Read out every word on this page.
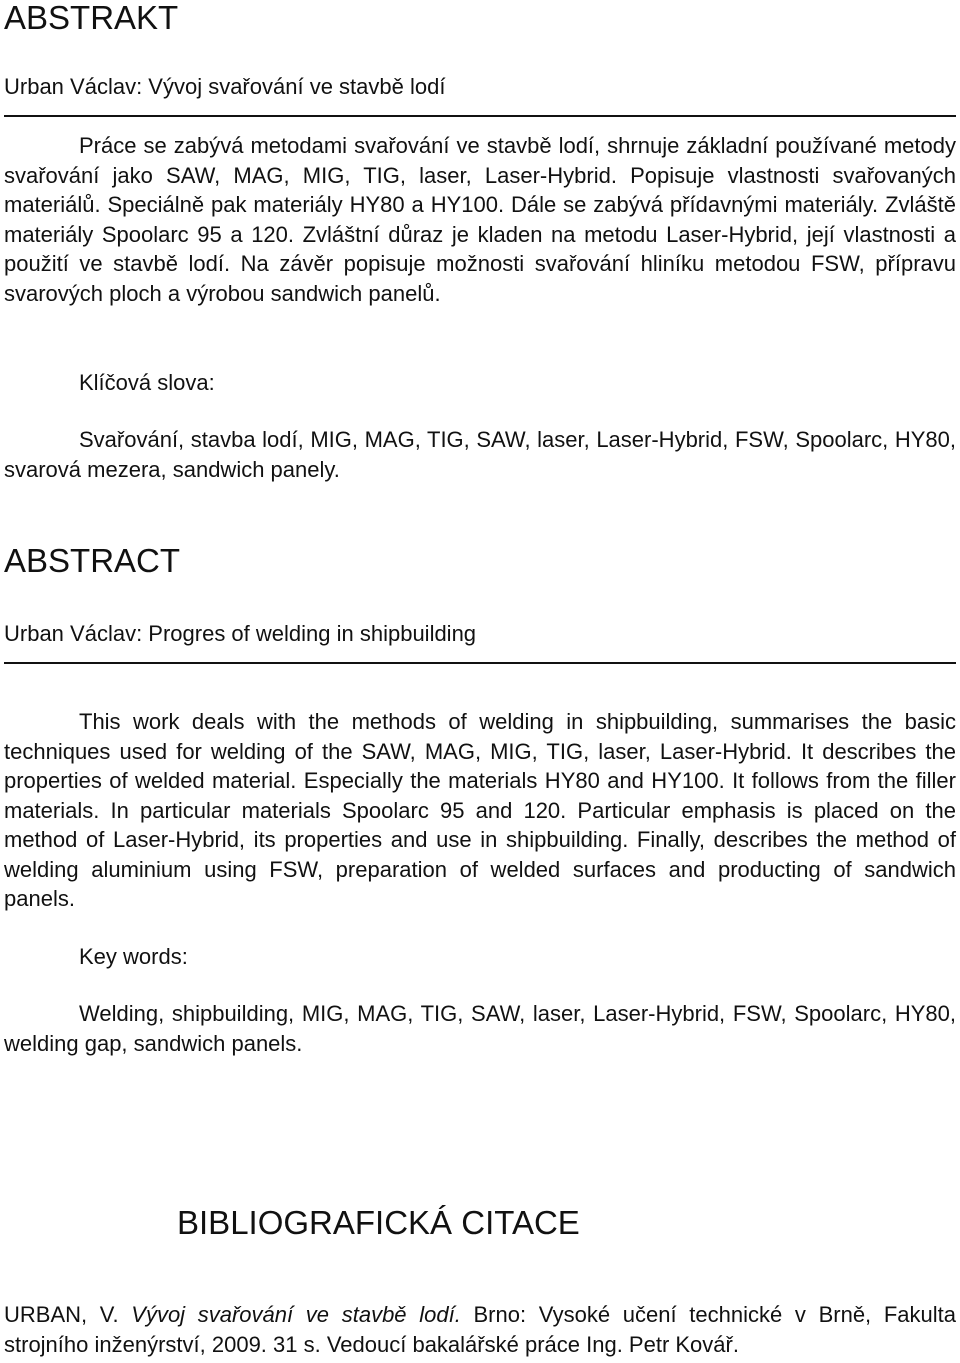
ABSTRAKT
Urban Václav: Vývoj svařování ve stavbě lodí

Práce se zabývá metodami svařování ve stavbě lodí, shrnuje základní používané metody svařování jako SAW, MAG, MIG, TIG, laser, Laser-Hybrid. Popisuje vlastnosti svařovaných materiálů. Speciálně pak materiály HY80 a HY100. Dále se zabývá přídavnými materiály. Zvláště materiály Spoolarc 95 a 120. Zvláštní důraz je kladen na metodu Laser-Hybrid, její vlastnosti a použití ve stavbě lodí. Na závěr popisuje možnosti svařování hliníku metodou FSW, přípravu svarových ploch a výrobou sandwich panelů.

Klíčová slova:

Svařování, stavba lodí, MIG, MAG, TIG, SAW, laser, Laser-Hybrid, FSW, Spoolarc, HY80, svarová mezera, sandwich panely.

ABSTRACT
Urban Václav: Progres of welding in shipbuilding

This work deals with the methods of welding in shipbuilding, summarises the basic techniques used for welding of the SAW, MAG, MIG, TIG, laser, Laser-Hybrid. It describes the properties of welded material. Especially the materials HY80 and HY100. It follows from the filler materials. In particular materials Spoolarc 95 and 120. Particular emphasis is placed on the method of Laser-Hybrid, its properties and use in shipbuilding. Finally, describes the method of welding aluminium using FSW, preparation of welded surfaces and producting of sandwich panels.

Key words:

Welding, shipbuilding, MIG, MAG, TIG, SAW, laser, Laser-Hybrid, FSW, Spoolarc, HY80, welding gap, sandwich panels.

BIBLIOGRAFICKÁ CITACE

URBAN, V. Vývoj svařování ve stavbě lodí. Brno: Vysoké učení technické v Brně, Fakulta strojního inženýrství, 2009. 31 s. Vedoucí bakalářské práce Ing. Petr Kovář.
